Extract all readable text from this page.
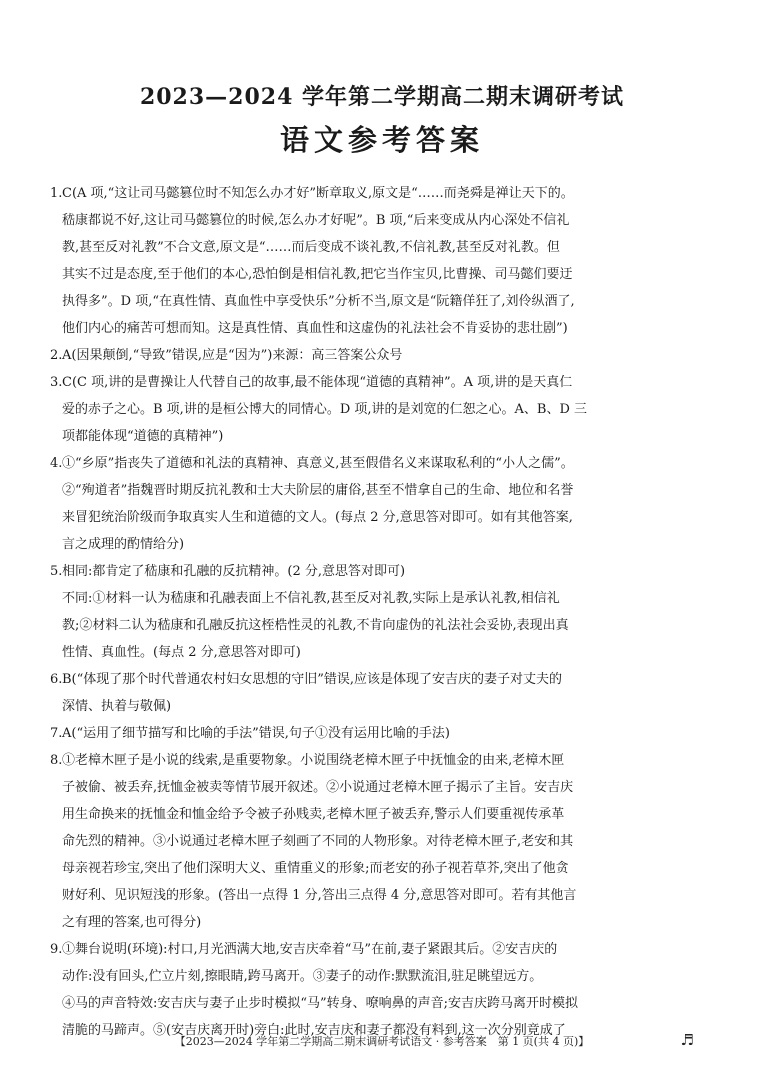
2023—2024 学年第二学期高二期末调研考试
语文参考答案
1. C(A 项,“这让司马懿篡位时不知怎么办才好”断章取义,原文是“……而尧舜是禅让天下的。
嵇康都说不好,这让司马懿篡位的时候,怎么办才好呢”。B 项,“后来变成从内心深处不信礼
教,甚至反对礼教”不合文意,原文是“……而后变成不谈礼教,不信礼教,甚至反对礼教。但
其实不过是态度,至于他们的本心,恐怕倒是相信礼教,把它当作宝贝,比曹操、司马懿们要迂
执得多”。D 项,“在真性情、真血性中享受快乐”分析不当,原文是“阮籍佯狂了,刘伶纵酒了,
他们内心的痛苦可想而知。这是真性情、真血性和这虚伪的礼法社会不肯妥协的悲壮剧”)
2. A(因果颠倒,“导致”错误,应是“因为”)来源：高三答案公众号
3. C(C 项,讲的是曹操让人代替自己的故事,最不能体现“道德的真精神”。A 项,讲的是天真仁
爱的赤子之心。B 项,讲的是桓公博大的同情心。D 项,讲的是刘宽的仁恕之心。A、B、D 三
项都能体现“道德的真精神”)
4. ①“乡原”指丧失了道德和礼法的真精神、真意义,甚至假借名义来谋取私利的“小人之儒”。
②“殉道者”指魏晋时期反抗礼教和士大夫阶层的庸俗,甚至不惜拿自己的生命、地位和名誉
来冒犯统治阶级而争取真实人生和道德的文人。(每点 2 分,意思答对即可。如有其他答案,
言之成理的酌情给分)
5. 相同:都肯定了嵇康和孔融的反抗精神。(2 分,意思答对即可)
不同:①材料一认为嵇康和孔融表面上不信礼教,甚至反对礼教,实际上是承认礼教,相信礼
教;②材料二认为嵇康和孔融反抗这桎梏性灵的礼教,不肯向虚伪的礼法社会妥协,表现出真
性情、真血性。(每点 2 分,意思答对即可)
6. B(“体现了那个时代普通农村妇女思想的守旧”错误,应该是体现了安吉庆的妻子对丈夫的
深情、执着与敬佩)
7. A(“运用了细节描写和比喻的手法”错误,句子①没有运用比喻的手法)
8. ①老樟木匣子是小说的线索,是重要物象。小说围绕老樟木匣子中抚恤金的由来,老樟木匣
子被偷、被丢弃,抚恤金被卖等情节展开叙述。②小说通过老樟木匣子揭示了主旨。安吉庆
用生命换来的抚恤金和恤金给予令被子孙贱卖,老樟木匣子被丢弃,警示人们要重视传承革
命先烈的精神。③小说通过老樟木匣子刻画了不同的人物形象。对待老樟木匣子,老安和其
母亲视若珍宝,突出了他们深明大义、重情重义的形象;而老安的孙子视若草芥,突出了他贪
财好利、见识短浅的形象。(答出一点得 1 分,答出三点得 4 分,意思答对即可。若有其他言
之有理的答案,也可得分)
9. ①舞台说明(环境):村口,月光洒满大地,安吉庆牵着“马”在前,妻子紧跟其后。②安吉庆的
动作:没有回头,伫立片刻,擦眼睛,跨马离开。③妻子的动作:默默流泪,驻足眺望远方。
④马的声音特效:安吉庆与妻子止步时模拟“马”转身、嘹响鼻的声音;安吉庆跨马离开时模拟
清脆的马蹄声。⑤(安吉庆离开时)旁白:此时,安吉庆和妻子都没有料到,这一次分别竟成了
【2023—2024 学年第二学期高二期末调研考试语文 · 参考答案　第 1 页(共 4 页)】	♬
